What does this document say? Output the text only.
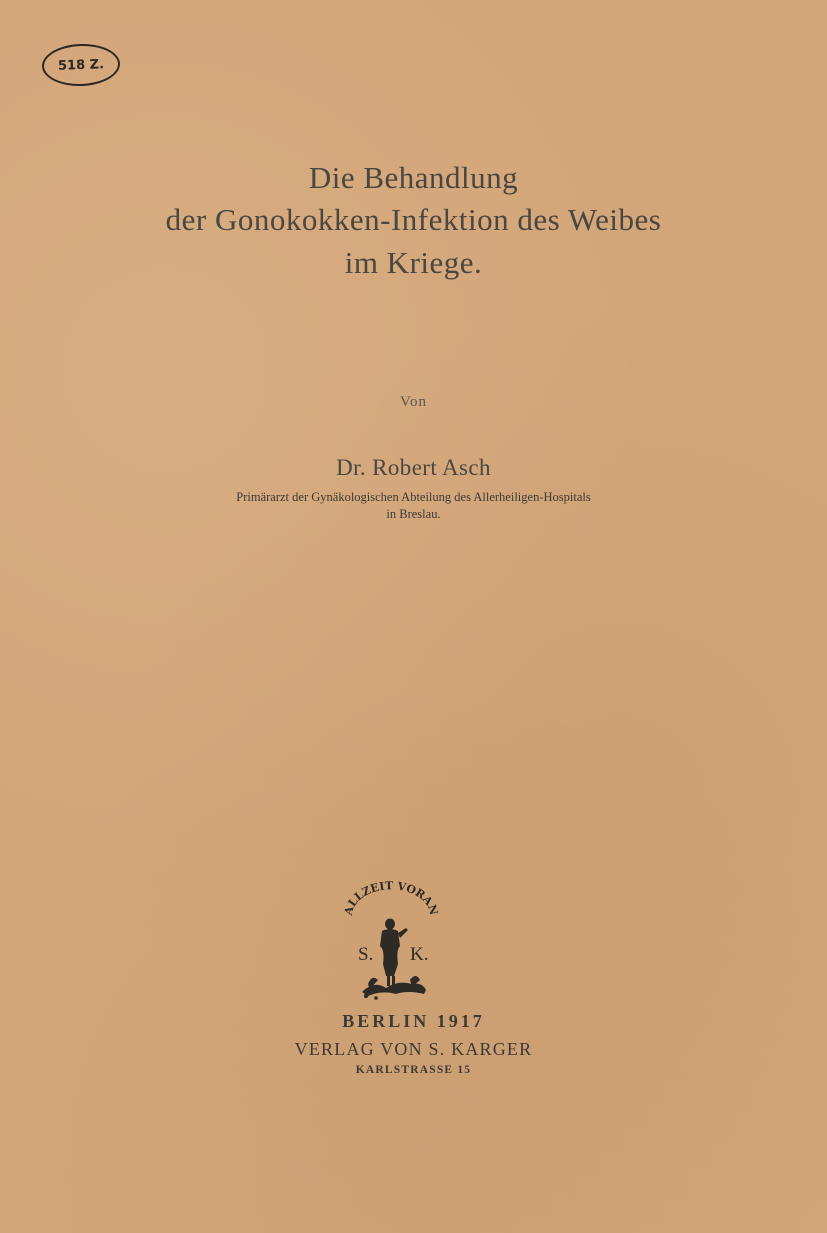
518 Z.
Die Behandlung
der Gonokokken-Infektion des Weibes
im Kriege.
Von
Dr. Robert Asch
Primärarzt der Gynäkologischen Abteilung des Allerheiligen-Hospitals
in Breslau.
ALLZEIT VORAN
S. K.
BERLIN 1917
VERLAG VON S. KARGER
KARLSTRASSE 15
